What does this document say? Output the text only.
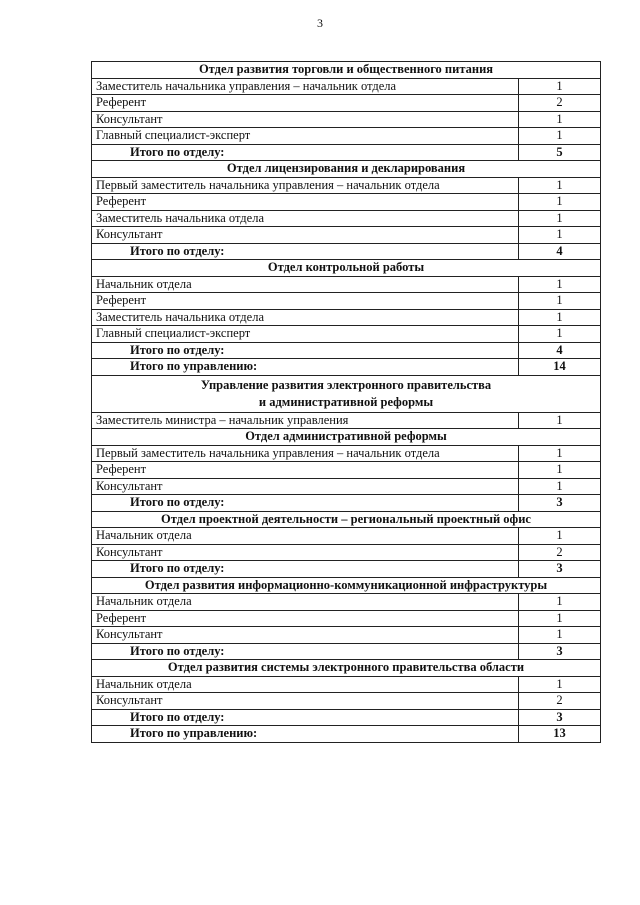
3
Отдел развития торговли и общественного питания	
Заместитель начальника управления – начальник отдела	1
Референт	2
Консультант	1
Главный специалист-эксперт	1
Итого по отделу:	5
Отдел лицензирования и декларирования	
Первый заместитель начальника управления – начальник отдела	1
Референт	1
Заместитель начальника отдела	1
Консультант	1
Итого по отделу:	4
Отдел контрольной работы	
Начальник отдела	1
Референт	1
Заместитель начальника отдела	1
Главный специалист-эксперт	1
Итого по отделу:	4
Итого по управлению:	14

Управление развития электронного правительства
и административной реформы	

Заместитель министра – начальник управления	1
Отдел административной реформы	
Первый заместитель начальника управления – начальник отдела	1
Референт	1
Консультант	1
Итого по отделу:	3
Отдел проектной деятельности – региональный проектный офис	
Начальник отдела	1
Консультант	2
Итого по отделу:	3
Отдел развития информационно-коммуникационной инфраструктуры	
Начальник отдела	1
Референт	1
Консультант	1
Итого по отделу:	3
Отдел развития системы электронного правительства области	
Начальник отдела	1
Консультант	2
Итого по отделу:	3
Итого по управлению:	13
